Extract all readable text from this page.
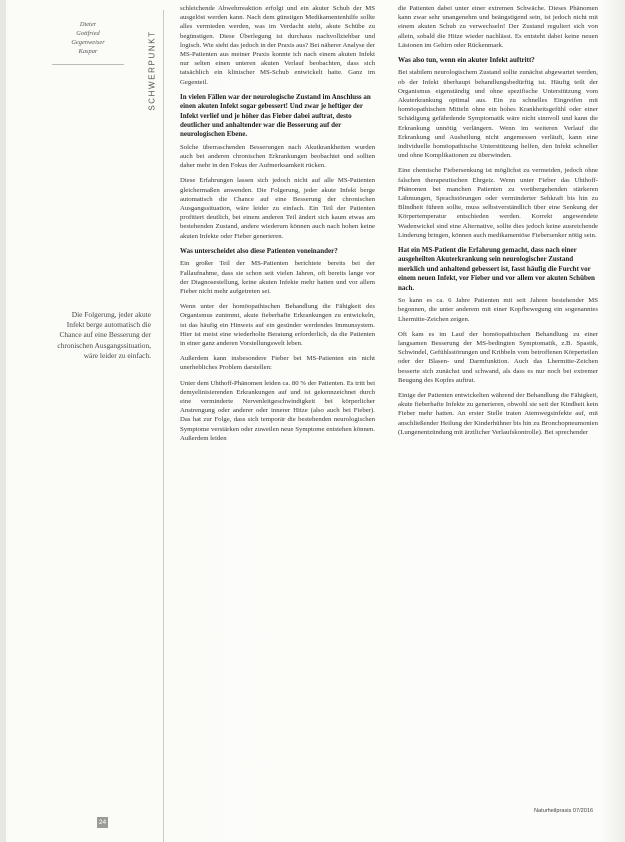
Dieter
Gottfried
Gegenweiser
Kaspar	SCHWERPUNKT
Die Folgerung, jeder akute Infekt berge automatisch die Chance auf eine Besserung der chronischen Ausgangssituation, wäre leider zu einfach.
24

schleichende Abwehrreaktion erfolgt und ein akuter Schub der MS ausgelöst werden kann. Nach dem günstigen Medikamentenhilfe sollte alles vermieden werden, was im Verdacht steht, akute Schübe zu begünstigen. Diese Überlegung ist durchaus nachvollziehbar und logisch. Wie sieht das jedoch in der Praxis aus? Bei näherer Analyse der MS-Patienten aus meiner Praxis konnte ich nach einem akuten Infekt nur selten einen unteren akuten Verlauf beobachten, dass sich tatsächlich ein klinischer MS-Schub entwickelt hatte. Ganz im Gegenteil.

In vielen Fällen war der neurologische Zustand im Anschluss an einen akuten Infekt sogar gebessert! Und zwar je heftiger der Infekt verlief und je höher das Fieber dabei auftrat, desto deutlicher und anhaltender war die Besserung auf der neurologischen Ebene.

Solche überraschenden Besserungen nach Akutkrankheiten wurden auch bei anderen chronischen Erkrankungen beobachtet und sollten daher mehr in den Fokus der Aufmerksamkeit rücken.

Diese Erfahrungen lassen sich jedoch nicht auf alle MS-Patienten gleichermaßen anwenden. Die Folgerung, jeder akute Infekt berge automatisch die Chance auf eine Besserung der chronischen Ausgangssituation, wäre leider zu einfach. Ein Teil der Patienten profitiert deutlich, bei einem anderen Teil ändert sich kaum etwas am bestehenden Zustand, andere wiederum können auch nach hohen keine akuten Infekte oder Fieber generieren.

Was unterscheidet also diese Patienten voneinander?

Ein großer Teil der MS-Patienten berichtete bereits bei der Fallaufnahme, dass sie schon seit vielen Jahren, oft bereits lange vor der Diagnosestellung, keine akuten Infekte mehr hatten und vor allem Fieber nicht mehr aufgetreten sei.

Wenn unter der homöopathischen Behandlung die Fähigkeit des Organismus zunimmt, akute fieberhafte Erkrankungen zu entwickeln, ist das häufig ein Hinweis auf ein gesünder werdendes Immunsystem. Hier ist meist eine wiederholte Beratung erforderlich, da die Patienten in einer ganz anderen Vorstellungswelt leben.

Außerdem kann insbesondere Fieber bei MS-Patienten ein nicht unerhebliches Problem darstellen:

Unter dem Uhthoff-Phänomen leiden ca. 80 % der Patienten. Es tritt bei demyelinisierenden Erkrankungen auf und ist gekennzeichnet durch eine verminderte Nervenleitgeschwindigkeit bei körperlicher Anstrengung oder anderer oder innerer Hitze (also auch bei Fieber). Das hat zur Folge, dass sich temporär die bestehenden neurologischen Symptome verstärken oder zuweilen neue Symptome entstehen können. Außerdem leiden

die Patienten dabei unter einer extremen Schwäche. Dieses Phänomen kann zwar sehr unangenehm und beängstigend sein, ist jedoch nicht mit einem akuten Schub zu verwechseln! Der Zustand reguliert sich von allein, sobald die Hitze wieder nachlässt. Es entsteht dabei keine neuen Läsionen im Gehirn oder Rückenmark.

Was also tun, wenn ein akuter Infekt auftritt?

Bei stabilem neurologischem Zustand sollte zunächst abgewartet werden, ob der Infekt überhaupt behandlungsbedürftig ist. Häufig teilt der Organismus eigenständig und ohne spezifische Unterstützung vom Akuterkrankung optimal aus. Ein zu schnelles Eingreifen mit homöopathischen Mitteln ohne ein hohes Krankheitsgefühl oder einer Schädigung gefährdende Symptomatik wäre nicht sinnvoll und kann die Erkrankung unnötig verlängern. Wenn im weiteren Verlauf die Erkrankung und Ausheilung nicht angemessen verläuft, kann eine individuelle homöopathische Unterstützung helfen, den Infekt schneller und ohne Komplikationen zu überwinden.

Eine chemische Fiebersenkung ist möglichst zu vermeiden, jedoch ohne falschen therapeutischen Ehrgeiz. Wenn unter Fieber das Uhthoff-Phänomen bei manchen Patienten zu vorübergehenden stärkeren Lähmungen, Sprachstörungen oder verminderter Sehkraft bis hin zu Blindheit führen sollte, muss selbstverständlich über eine Senkung der Körpertemperatur entschieden werden. Korrekt angewendete Wadenwickel sind eine Alternative, sollte dies jedoch keine ausreichende Linderung bringen, können auch medikamentöse Fiebersenker nötig sein.

Hat ein MS-Patient die Erfahrung gemacht, dass nach einer ausgeheilten Akuterkrankung sein neurologischer Zustand merklich und anhaltend gebessert ist, fasst häufig die Furcht vor einem neuen Infekt, vor Fieber und vor allem vor akuten Schüben nach.

So kann es ca. 6 Jahre Patienten mit seit Jahren bestehender MS begonnen, die unter anderem mit einer Kopfbewegung ein sogenanntes Lhermitte-Zeichen zeigen.

Oft kam es im Lauf der homöopathischen Behandlung zu einer langsamen Besserung der MS-bedingten Symptomatik, z.B. Spastik, Schwindel, Gefühlsstörungen und Kribbeln vom betroffenen Körperteilen oder der Blasen- und Darmfunktion. Auch das Lhermitte-Zeichen besserte sich zunächst und schwand, als dass es nur noch bei extremer Beugung des Kopfes auftrat.

Einige der Patienten entwickelten während der Behandlung die Fähigkeit, akute fieberhafte Infekte zu generieren, obwohl sie seit der Kindheit kein Fieber mehr hatten. An erster Stelle traten Atemwegsinfekte auf, mit anschließender Heilung der Kinderhühner bis hin zu Bronchopneumonien (Lungenentzündung mit ärztlicher Verlaufskontrolle). Bei sprechender

Naturheilpraxis 07/2016
